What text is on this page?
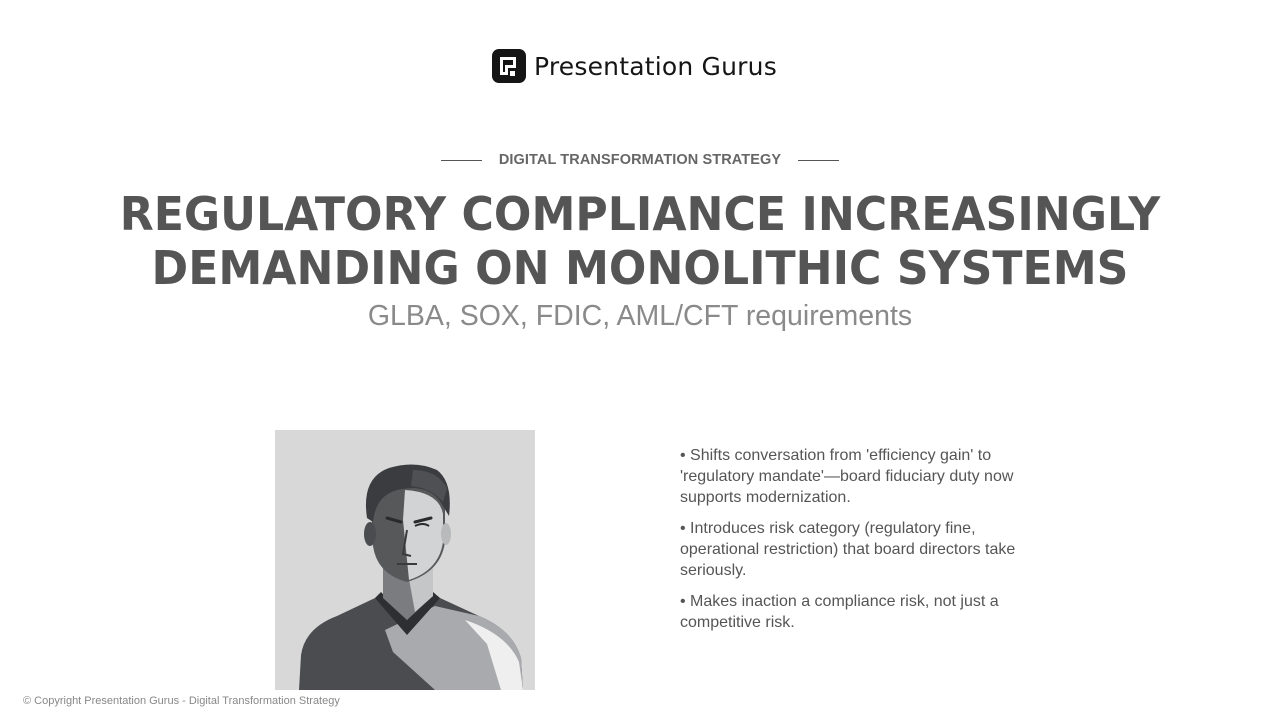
Presentation Gurus
DIGITAL TRANSFORMATION STRATEGY
REGULATORY COMPLIANCE INCREASINGLY
DEMANDING ON MONOLITHIC SYSTEMS
GLBA, SOX, FDIC, AML/CFT requirements
• Shifts conversation from 'efficiency gain' to 'regulatory mandate'—board fiduciary duty now supports modernization.
• Introduces risk category (regulatory fine, operational restriction) that board directors take seriously.
• Makes inaction a compliance risk, not just a competitive risk.
© Copyright Presentation Gurus - Digital Transformation Strategy
